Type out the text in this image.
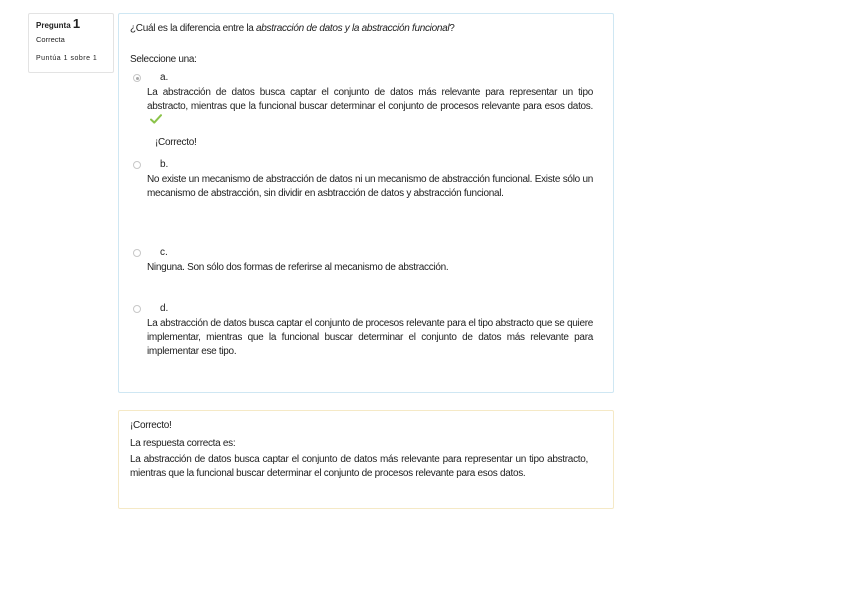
Pregunta 1
Correcta
Puntúa 1 sobre 1
¿Cuál es la diferencia entre la abstracción de datos y la abstracción funcional?
Seleccione una:
a.
La abstracción de datos busca captar el conjunto de datos más relevante para representar un tipo abstracto, mientras que la funcional buscar determinar el conjunto de procesos relevante para esos datos.
¡Correcto!
b.
No existe un mecanismo de abstracción de datos ni un mecanismo de abstracción funcional. Existe sólo un mecanismo de abstracción, sin dividir en asbtracción de datos y abstracción funcional.
c.
Ninguna. Son sólo dos formas de referirse al mecanismo de abstracción.
d.
La abstracción de datos busca captar el conjunto de procesos relevante para el tipo abstracto que se quiere implementar, mientras que la funcional buscar determinar el conjunto de datos más relevante para implementar ese tipo.
¡Correcto!
La respuesta correcta es:
La abstracción de datos busca captar el conjunto de datos más relevante para representar un tipo abstracto, mientras que la funcional buscar determinar el conjunto de procesos relevante para esos datos.
